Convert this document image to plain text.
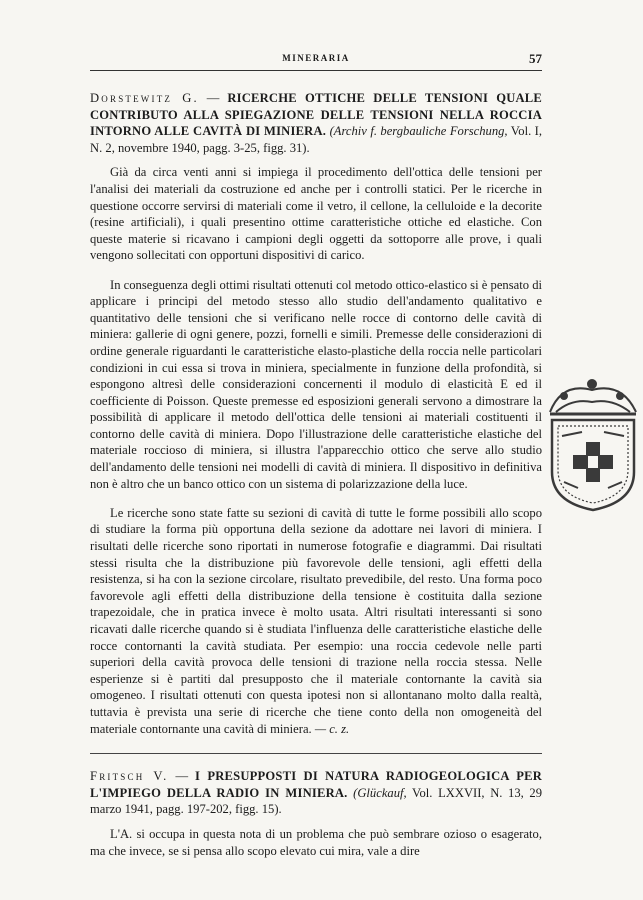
MINERARIA	57
Dorstewitz G. — RICERCHE OTTICHE DELLE TENSIONI QUALE CONTRIBUTO ALLA SPIEGAZIONE DELLE TENSIONI NELLA ROCCIA INTORNO ALLE CAVITÀ DI MINIERA. (Archiv f. bergbauliche Forschung, Vol. I, N. 2, novembre 1940, pagg. 3-25, figg. 31).

Già da circa venti anni si impiega il procedimento dell'ottica delle tensioni per l'analisi dei materiali da costruzione ed anche per i controlli statici. Per le ricerche in questione occorre servirsi di materiali come il vetro, il cellone, la celluloide e la decorite (resine artificiali), i quali presentino ottime caratteristiche ottiche ed elastiche. Con queste materie si ricavano i campioni degli oggetti da sottoporre alle prove, i quali vengono sollecitati con opportuni dispositivi di carico.

In conseguenza degli ottimi risultati ottenuti col metodo ottico-elastico si è pensato di applicare i principi del metodo stesso allo studio dell'andamento qualitativo e quantitativo delle tensioni che si verificano nelle rocce di contorno delle cavità di miniera: gallerie di ogni genere, pozzi, fornelli e simili. Premesse delle considerazioni di ordine generale riguardanti le caratteristiche elasto-plastiche della roccia nelle particolari condizioni in cui essa si trova in miniera, specialmente in funzione della profondità, si espongono altresì delle considerazioni concernenti il modulo di elasticità E ed il coefficiente di Poisson. Queste premesse ed esposizioni generali servono a dimostrare la possibilità di applicare il metodo dell'ottica delle tensioni ai materiali costituenti il contorno delle cavità di miniera. Dopo l'illustrazione delle caratteristiche elastiche del materiale roccioso di miniera, si illustra l'apparecchio ottico che serve allo studio dell'andamento delle tensioni nei modelli di cavità di miniera. Il dispositivo in definitiva non è altro che un banco ottico con un sistema di polarizzazione della luce.

Le ricerche sono state fatte su sezioni di cavità di tutte le forme possibili allo scopo di studiare la forma più opportuna della sezione da adottare nei lavori di miniera. I risultati delle ricerche sono riportati in numerose fotografie e diagrammi. Dai risultati stessi risulta che la distribuzione più favorevole delle tensioni, agli effetti della resistenza, si ha con la sezione circolare, risultato prevedibile, del resto. Una forma poco favorevole agli effetti della distribuzione della tensione è costituita dalla sezione trapezoidale, che in pratica invece è molto usata. Altri risultati interessanti si sono ricavati dalle ricerche quando si è studiata l'influenza delle caratteristiche elastiche delle rocce contornanti la cavità studiata. Per esempio: una roccia cedevole nelle parti superiori della cavità provoca delle tensioni di trazione nella roccia stessa. Nelle esperienze si è partiti dal presupposto che il materiale contornante la cavità sia omogeneo. I risultati ottenuti con questa ipotesi non si allontanano molto dalla realtà, tuttavia è prevista una serie di ricerche che tiene conto della non omogeneità del materiale contornante una cavità di miniera. — c. z.

Fritsch V. — I PRESUPPOSTI DI NATURA RADIOGEOLOGICA PER L'IMPIEGO DELLA RADIO IN MINIERA. (Glückauf, Vol. LXXVII, N. 13, 29 marzo 1941, pagg. 197-202, figg. 15).

L'A. si occupa in questa nota di un problema che può sembrare ozioso o esagerato, ma che invece, se si pensa allo scopo elevato cui mira, vale a dire
